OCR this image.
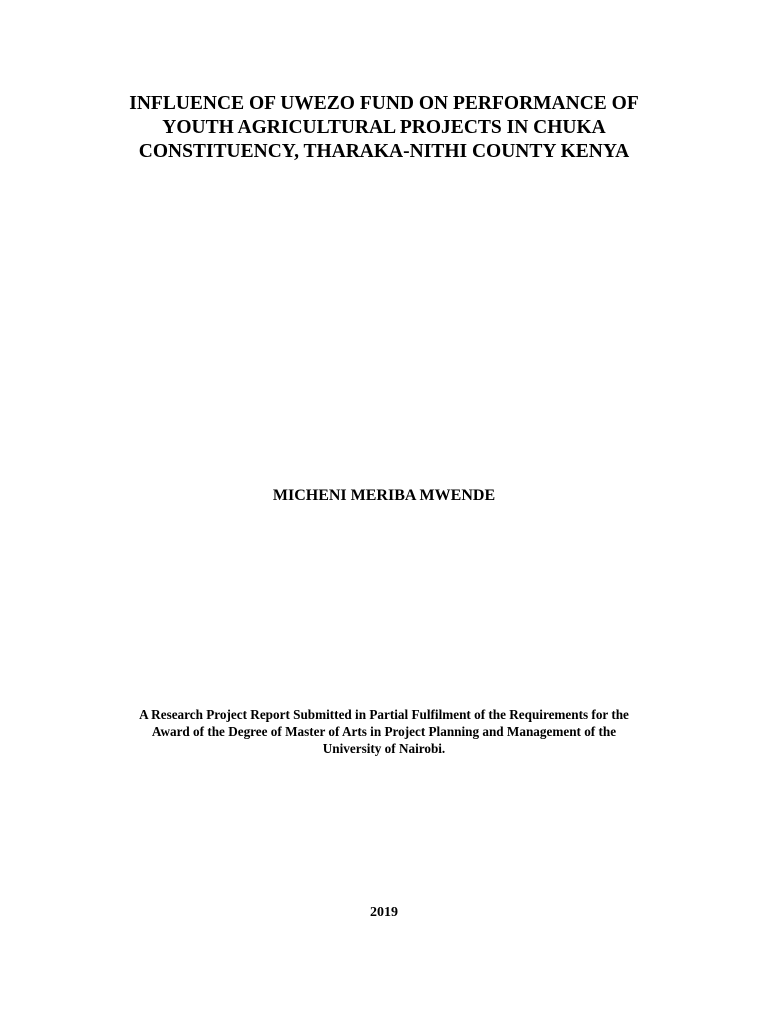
INFLUENCE OF UWEZO FUND ON PERFORMANCE OF
YOUTH AGRICULTURAL PROJECTS IN CHUKA
CONSTITUENCY, THARAKA-NITHI COUNTY KENYA
MICHENI MERIBA MWENDE
A Research Project Report Submitted in Partial Fulfilment of the Requirements for the
Award of the Degree of Master of Arts in Project Planning and Management of the
University of Nairobi.
2019
